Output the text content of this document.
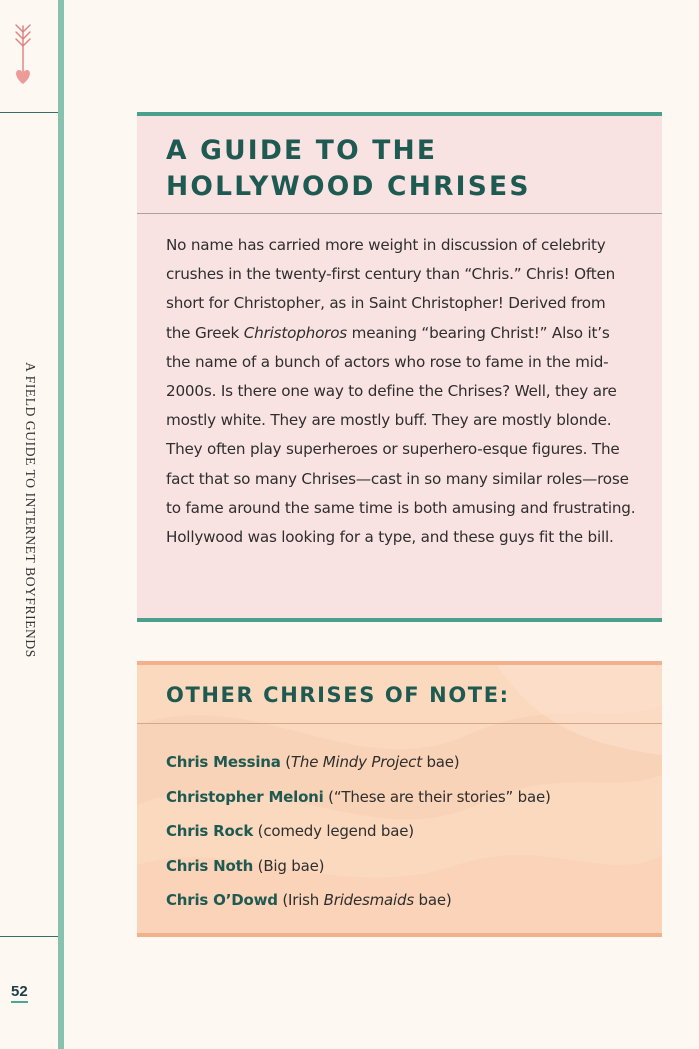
A FIELD GUIDE TO INTERNET BOYFRIENDS
52
A GUIDE TO THE
HOLLYWOOD CHRISES
No name has carried more weight in discussion of celebrity
crushes in the twenty-first century than “Chris.” Chris! Often
short for Christopher, as in Saint Christopher! Derived from
the Greek Christophoros meaning “bearing Christ!” Also it’s
the name of a bunch of actors who rose to fame in the mid-
2000s. Is there one way to define the Chrises? Well, they are
mostly white. They are mostly buff. They are mostly blonde.
They often play superheroes or superhero-esque figures. The
fact that so many Chrises—cast in so many similar roles—rose
to fame around the same time is both amusing and frustrating.
Hollywood was looking for a type, and these guys fit the bill.
OTHER CHRISES OF NOTE:
Chris Messina (The Mindy Project bae)
Christopher Meloni (“These are their stories” bae)
Chris Rock (comedy legend bae)
Chris Noth (Big bae)
Chris O’Dowd (Irish Bridesmaids bae)
